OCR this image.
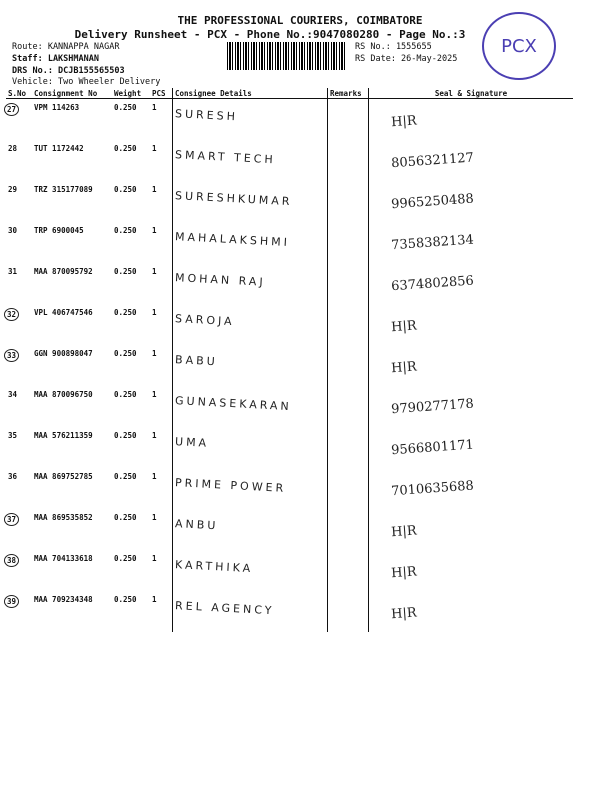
THE PROFESSIONAL COURIERS, COIMBATORE
Delivery Runsheet - PCX - Phone No.:9047080280 - Page No.:3
Route: KANNAPPA NAGAR
Staff: LAKSHMANAN
DRS No.: DCJB155565503
Vehicle: Two Wheeler Delivery
RS No.: 1555655
RS Date: 26-May-2025
PCX
S.No	Consignment No	Weight	PCS	Consignee Details	Remarks	Seal & Signature
27	VPM 114263	0.250	1	SURESH		H|R

28	TUT 1172442	0.250	1	SMART TECH		8056321127

29	TRZ 315177089	0.250	1	SURESHKUMAR		9965250488

30	TRP 6900045	0.250	1	MAHALAKSHMI		7358382134

31	MAA 870095792	0.250	1	MOHAN RAJ		6374802856

32	VPL 406747546	0.250	1	SAROJA		H|R

33	GGN 900898047	0.250	1	BABU		H|R

34	MAA 870096750	0.250	1	GUNASEKARAN		9790277178

35	MAA 576211359	0.250	1	UMA		9566801171

36	MAA 869752785	0.250	1	PRIME POWER		7010635688

37	MAA 869535852	0.250	1	ANBU		H|R

38	MAA 704133618	0.250	1	KARTHIKA		H|R

39	MAA 709234348	0.250	1	REL AGENCY		H|R
